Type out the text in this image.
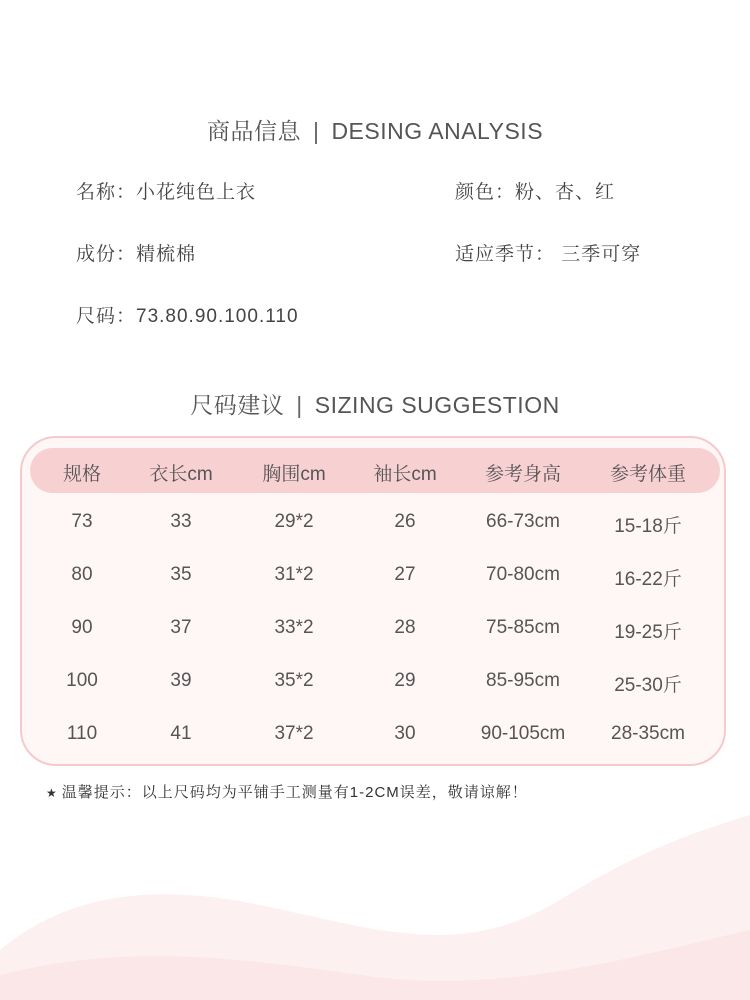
商品信息 | DESING ANALYSIS
名称：小花纯色上衣	颜色：粉、杏、红
成份：精梳棉	适应季节： 三季可穿
尺码：73.80.90.100.110
尺码建议 | SIZING SUGGESTION
规格	衣长cm	胸围cm	袖长cm	参考身高	参考体重
73	33	29*2	26	66-73cm	15-18斤
80	35	31*2	27	70-80cm	16-22斤
90	37	33*2	28	75-85cm	19-25斤
100	39	35*2	29	85-95cm	25-30斤
110	41	37*2	30	90-105cm	28-35cm
★ 温馨提示：以上尺码均为平铺手工测量有1-2CM误差，敬请谅解！
